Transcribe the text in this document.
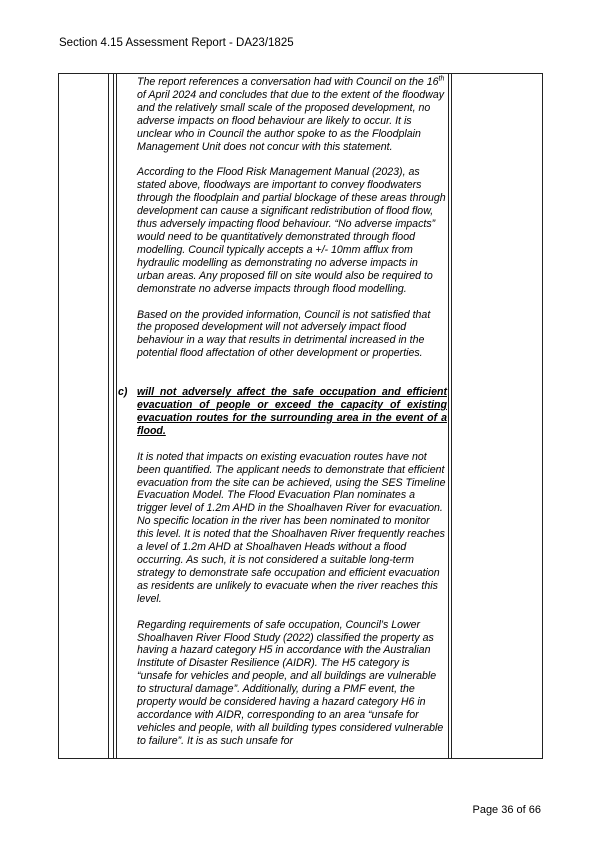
Section 4.15 Assessment Report - DA23/1825

The report references a conversation had with Council on the 16th of April 2024 and concludes that due to the extent of the floodway and the relatively small scale of the proposed development, no adverse impacts on flood behaviour are likely to occur. It is unclear who in Council the author spoke to as the Floodplain Management Unit does not concur with this statement.

According to the Flood Risk Management Manual (2023), as stated above, floodways are important to convey floodwaters through the floodplain and partial blockage of these areas through development can cause a significant redistribution of flood flow, thus adversely impacting flood behaviour. “No adverse impacts” would need to be quantitatively demonstrated through flood modelling. Council typically accepts a +/- 10mm afflux from hydraulic modelling as demonstrating no adverse impacts in urban areas. Any proposed fill on site would also be required to demonstrate no adverse impacts through flood modelling.

Based on the provided information, Council is not satisfied that the proposed development will not adversely impact flood behaviour in a way that results in detrimental increased in the potential flood affectation of other development or properties.

c) will not adversely affect the safe occupation and efficient evacuation of people or exceed the capacity of existing evacuation routes for the surrounding area in the event of a flood.

It is noted that impacts on existing evacuation routes have not been quantified. The applicant needs to demonstrate that efficient evacuation from the site can be achieved, using the SES Timeline Evacuation Model. The Flood Evacuation Plan nominates a trigger level of 1.2m AHD in the Shoalhaven River for evacuation. No specific location in the river has been nominated to monitor this level. It is noted that the Shoalhaven River frequently reaches a level of 1.2m AHD at Shoalhaven Heads without a flood occurring. As such, it is not considered a suitable long-term strategy to demonstrate safe occupation and efficient evacuation as residents are unlikely to evacuate when the river reaches this level.

Regarding requirements of safe occupation, Council’s Lower Shoalhaven River Flood Study (2022) classified the property as having a hazard category H5 in accordance with the Australian Institute of Disaster Resilience (AIDR). The H5 category is “unsafe for vehicles and people, and all buildings are vulnerable to structural damage”. Additionally, during a PMF event, the property would be considered having a hazard category H6 in accordance with AIDR, corresponding to an area “unsafe for vehicles and people, with all building types considered vulnerable to failure”. It is as such unsafe for

Page 36 of 66
